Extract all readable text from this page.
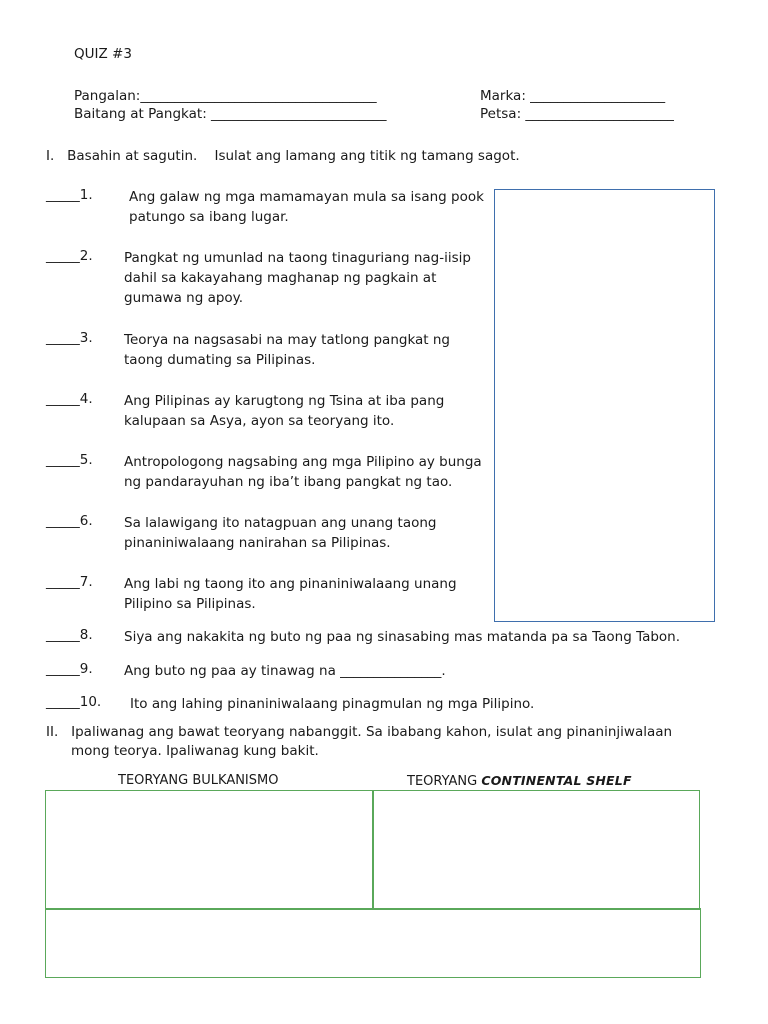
QUIZ #3
Pangalan:___________________________________	Marka: ____________________
Baitang at Pangkat: __________________________	Petsa: ______________________
I.   Basahin at sagutin.    Isulat ang lamang ang titik ng tamang sagot.
_____1.	Ang galaw ng mga mamamayan mula sa isang pook patungo sa ibang lugar.
_____2. Pangkat ng umunlad na taong tinaguriang nag-iisip dahil sa kakayahang maghanap ng pagkain at gumawa ng apoy.
_____3. Teorya na nagsasabi na may tatlong pangkat ng taong dumating sa Pilipinas.
_____4. Ang Pilipinas ay karugtong ng Tsina at iba pang kalupaan sa Asya, ayon sa teoryang ito.
_____5. Antropologong nagsabing ang mga Pilipino ay bunga ng pandarayuhan ng iba’t ibang pangkat ng tao.
_____6. Sa lalawigang ito natagpuan ang unang taong pinaniniwalaang nanirahan sa Pilipinas.
_____7. Ang labi ng taong ito ang pinaniniwalaang unang Pilipino sa Pilipinas.
_____8. Siya ang nakakita ng buto ng paa ng sinasabing mas matanda pa sa Taong Tabon.
_____9. Ang buto ng paa ay tinawag na _______________.
_____10. Ito ang lahing pinaniniwalaang pinagmulan ng mga Pilipino.
II.   Ipaliwanag ang bawat teoryang nabanggit. Sa ibabang kahon, isulat ang pinaninjiwalaan
mong teorya. Ipaliwanag kung bakit.
TEORYANG BULKANISMO	TEORYANG CONTINENTAL SHELF
